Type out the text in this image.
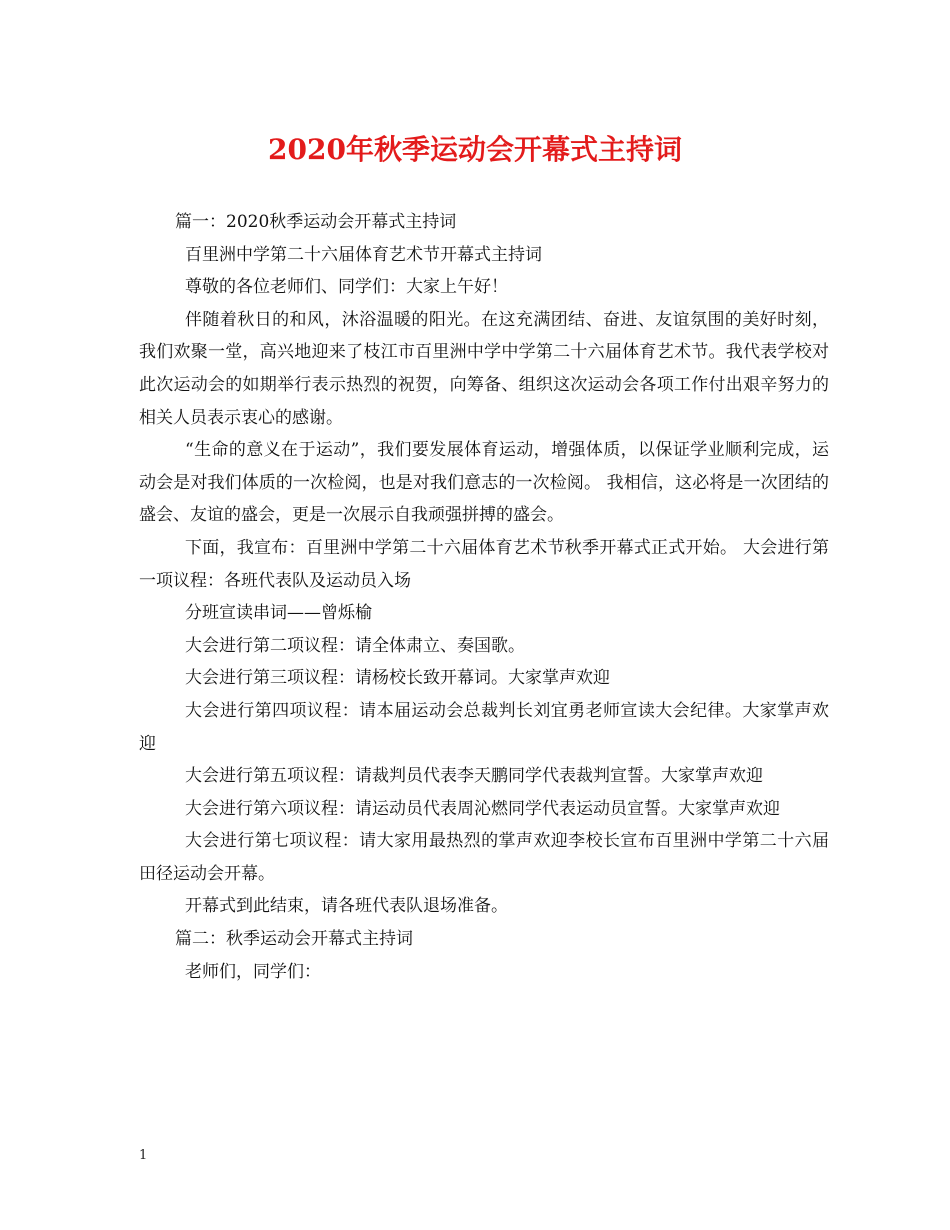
2020年秋季运动会开幕式主持词

篇一：2020秋季运动会开幕式主持词

百里洲中学第二十六届体育艺术节开幕式主持词

尊敬的各位老师们、同学们：大家上午好！

伴随着秋日的和风，沐浴温暖的阳光。在这充满团结、奋进、友谊氛围的美好时刻，我们欢聚一堂，高兴地迎来了枝江市百里洲中学中学第二十六届体育艺术节。我代表学校对此次运动会的如期举行表示热烈的祝贺，向筹备、组织这次运动会各项工作付出艰辛努力的相关人员表示衷心的感谢。

“生命的意义在于运动”，我们要发展体育运动，增强体质，以保证学业顺利完成，运动会是对我们体质的一次检阅，也是对我们意志的一次检阅。 我相信，这必将是一次团结的盛会、友谊的盛会，更是一次展示自我顽强拼搏的盛会。

下面，我宣布：百里洲中学第二十六届体育艺术节秋季开幕式正式开始。 大会进行第一项议程：各班代表队及运动员入场

分班宣读串词——曾烁榆

大会进行第二项议程：请全体肃立、奏国歌。

大会进行第三项议程：请杨校长致开幕词。大家掌声欢迎

大会进行第四项议程：请本届运动会总裁判长刘宜勇老师宣读大会纪律。大家掌声欢迎

大会进行第五项议程：请裁判员代表李天鹏同学代表裁判宣誓。大家掌声欢迎

大会进行第六项议程：请运动员代表周沁燃同学代表运动员宣誓。大家掌声欢迎

大会进行第七项议程：请大家用最热烈的掌声欢迎李校长宣布百里洲中学第二十六届田径运动会开幕。

开幕式到此结束，请各班代表队退场准备。

篇二：秋季运动会开幕式主持词

老师们，同学们：

1
